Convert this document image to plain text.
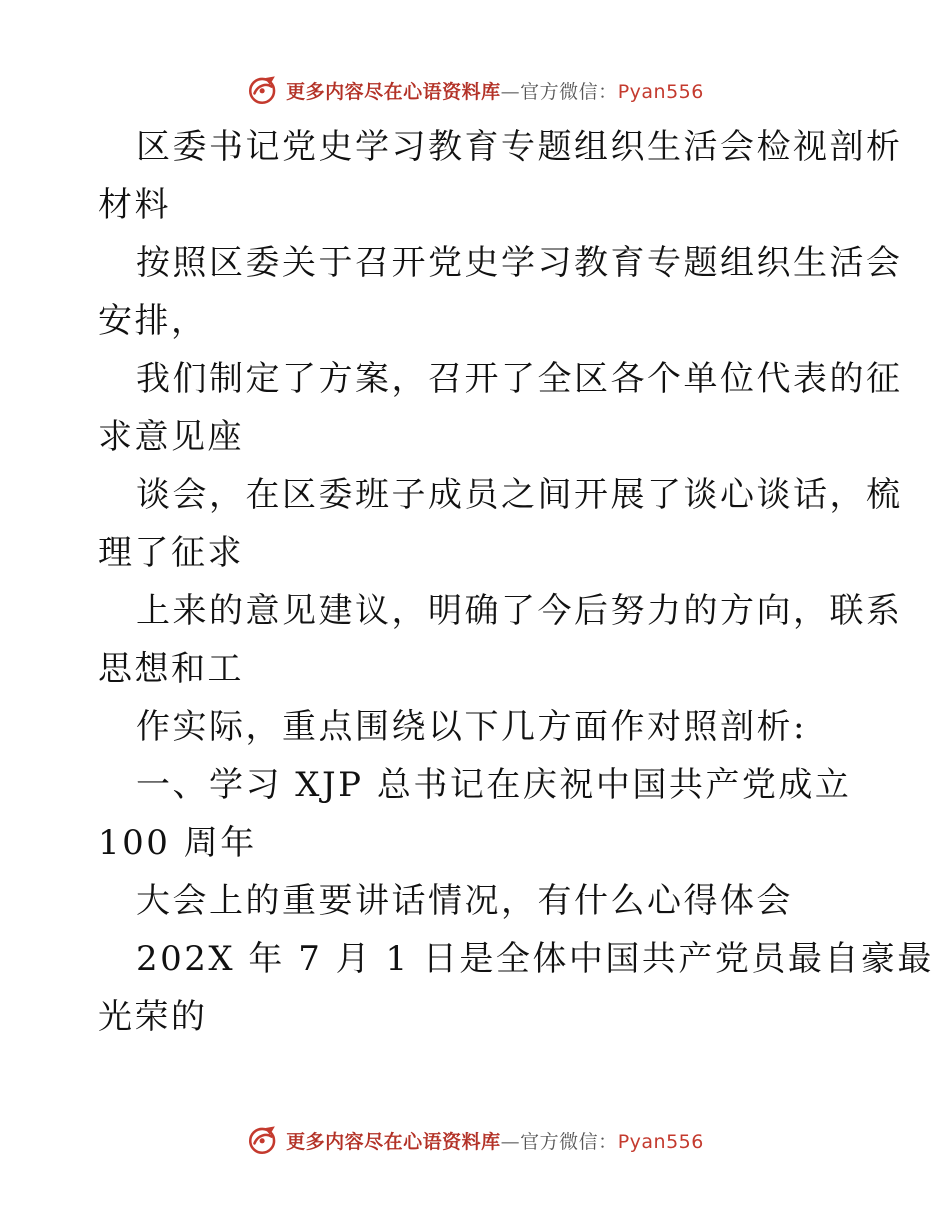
更多内容尽在心语资料库—官方微信：Pyan556
区委书记党史学习教育专题组织生活会检视剖析
材料
按照区委关于召开党史学习教育专题组织生活会
安排，
我们制定了方案，召开了全区各个单位代表的征
求意见座
谈会，在区委班子成员之间开展了谈心谈话，梳
理了征求
上来的意见建议，明确了今后努力的方向，联系
思想和工
作实际，重点围绕以下几方面作对照剖析:
一、学习 XJP 总书记在庆祝中国共产党成立
100 周年
大会上的重要讲话情况，有什么心得体会
202X 年 7 月 1 日是全体中国共产党员最自豪最
光荣的
更多内容尽在心语资料库—官方微信：Pyan556
